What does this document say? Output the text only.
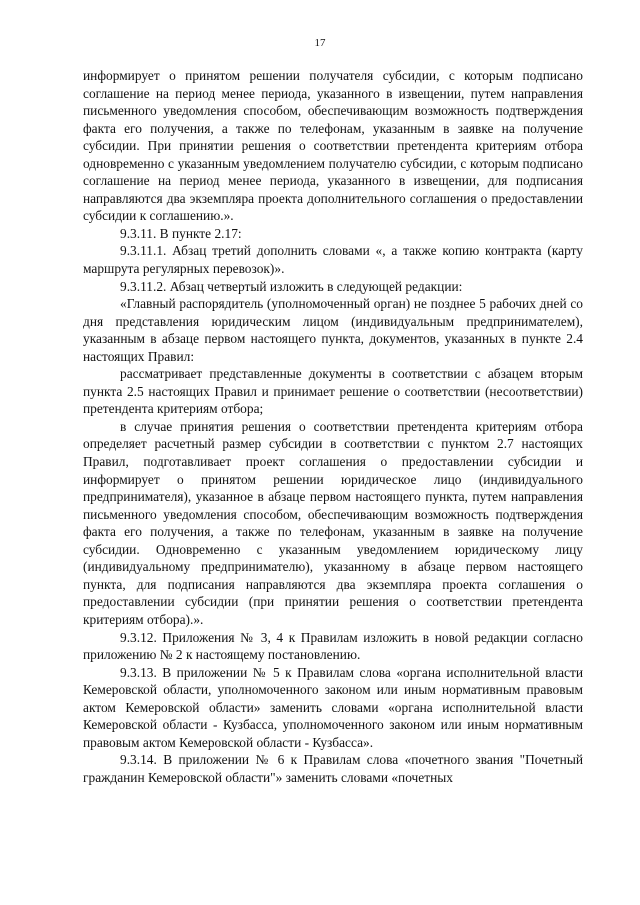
17

информирует о принятом решении получателя субсидии, с которым подписано соглашение на период менее периода, указанного в извещении, путем направления письменного уведомления способом, обеспечивающим возможность подтверждения факта его получения, а также по телефонам, указанным в заявке на получение субсидии. При принятии решения о соответствии претендента критериям отбора одновременно с указанным уведомлением получателю субсидии, с которым подписано соглашение на период менее периода, указанного в извещении, для подписания направляются два экземпляра проекта дополнительного соглашения о предоставлении субсидии к соглашению.».

9.3.11. В пункте 2.17:

9.3.11.1. Абзац третий дополнить словами «, а также копию контракта (карту маршрута регулярных перевозок)».

9.3.11.2. Абзац четвертый изложить в следующей редакции:

«Главный распорядитель (уполномоченный орган) не позднее 5 рабочих дней со дня представления юридическим лицом (индивидуальным предпринимателем), указанным в абзаце первом настоящего пункта, документов, указанных в пункте 2.4 настоящих Правил:

рассматривает представленные документы в соответствии с абзацем вторым пункта 2.5 настоящих Правил и принимает решение о соответствии (несоответствии) претендента критериям отбора;

в случае принятия решения о соответствии претендента критериям отбора определяет расчетный размер субсидии в соответствии с пунктом 2.7 настоящих Правил, подготавливает проект соглашения о предоставлении субсидии и информирует о принятом решении юридическое лицо (индивидуального предпринимателя), указанное в абзаце первом настоящего пункта, путем направления письменного уведомления способом, обеспечивающим возможность подтверждения факта его получения, а также по телефонам, указанным в заявке на получение субсидии. Одновременно с указанным уведомлением юридическому лицу (индивидуальному предпринимателю), указанному в абзаце первом настоящего пункта, для подписания направляются два экземпляра проекта соглашения о предоставлении субсидии (при принятии решения о соответствии претендента критериям отбора).».

9.3.12. Приложения № 3, 4 к Правилам изложить в новой редакции согласно приложению № 2 к настоящему постановлению.

9.3.13. В приложении № 5 к Правилам слова «органа исполнительной власти Кемеровской области, уполномоченного законом или иным нормативным правовым актом Кемеровской области» заменить словами «органа исполнительной власти Кемеровской области - Кузбасса, уполномоченного законом или иным нормативным правовым актом Кемеровской области - Кузбасса».

9.3.14. В приложении № 6 к Правилам слова «почетного звания "Почетный гражданин Кемеровской области"» заменить словами «почетных
